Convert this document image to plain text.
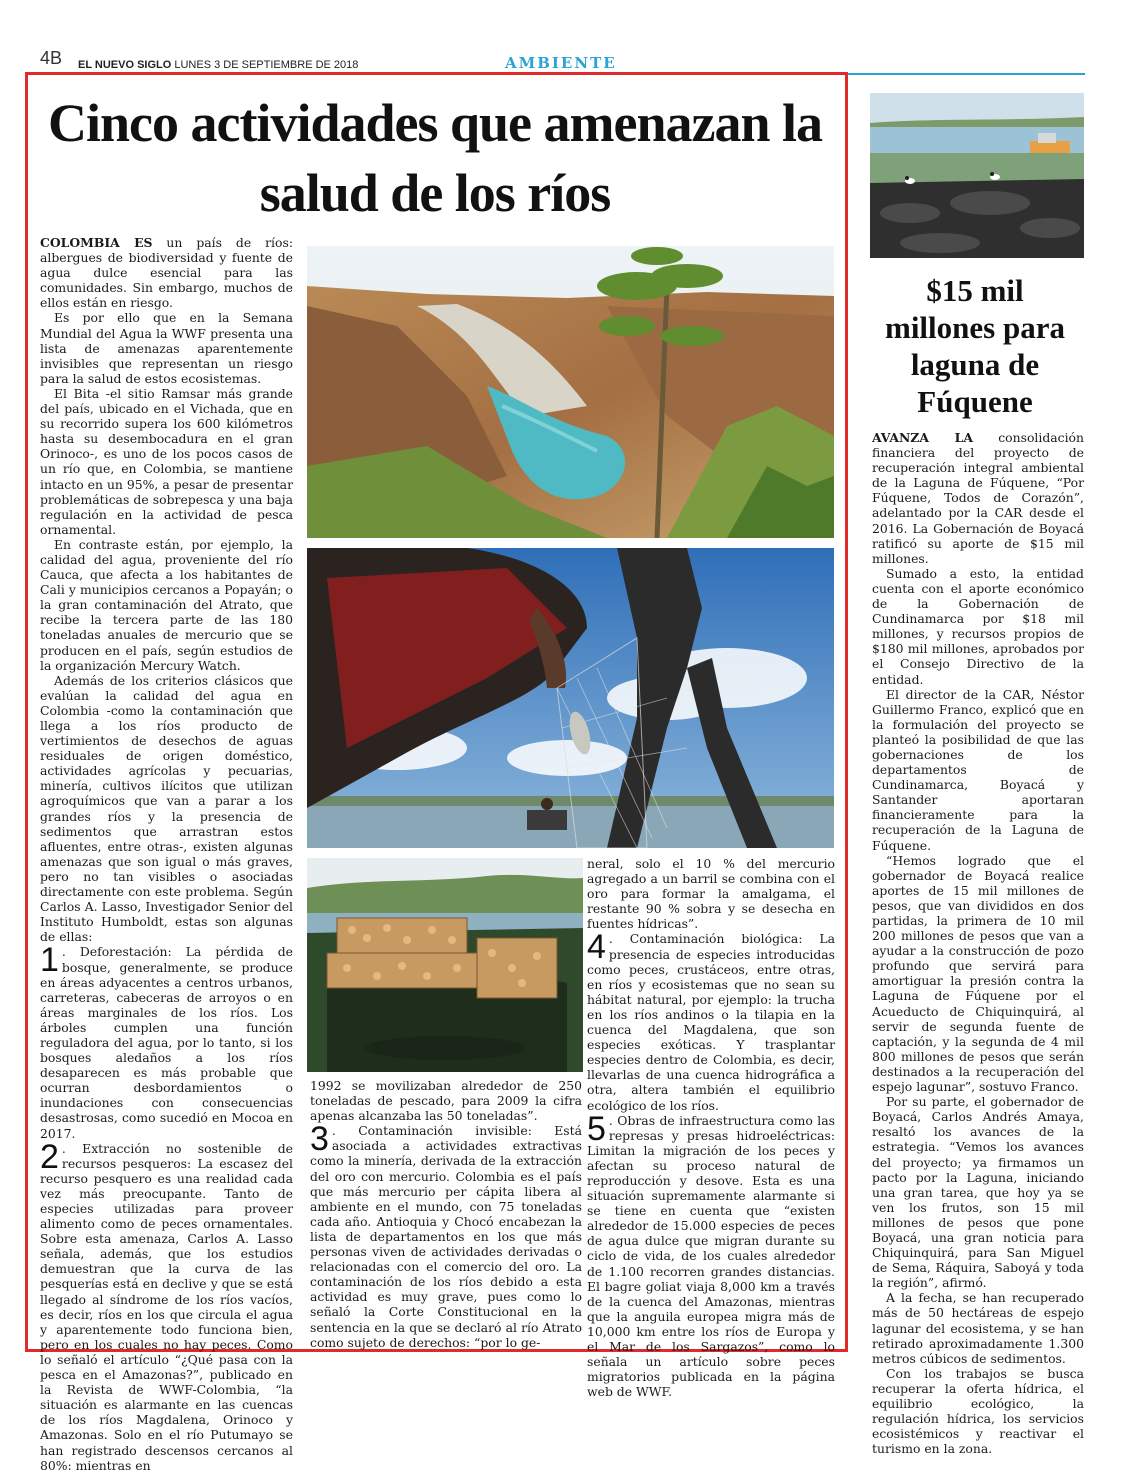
4B EL NUEVO SIGLO LUNES 3 DE SEPTIEMBRE DE 2018	AMBIENTE
Cinco actividades que amenazan la salud de los ríos

COLOMBIA ES un país de ríos: albergues de biodiversidad y fuente de agua dulce esencial para las comunidades. Sin embargo, muchos de ellos están en riesgo.

Es por ello que en la Semana Mundial del Agua la WWF presenta una lista de amenazas aparentemente invisibles que representan un riesgo para la salud de estos ecosistemas.

El Bita -el sitio Ramsar más grande del país, ubicado en el Vichada, que en su recorrido supera los 600 kilómetros hasta su desembocadura en el gran Orinoco-, es uno de los pocos casos de un río que, en Colombia, se mantiene intacto en un 95%, a pesar de presentar problemáticas de sobrepesca y una baja regulación en la actividad de pesca ornamental.

En contraste están, por ejemplo, la calidad del agua, proveniente del río Cauca, que afecta a los habitantes de Cali y municipios cercanos a Popayán; o la gran contaminación del Atrato, que recibe la tercera parte de las 180 toneladas anuales de mercurio que se producen en el país, según estudios de la organización Mercury Watch.

Además de los criterios clásicos que evalúan la calidad del agua en Colombia -como la contaminación que llega a los ríos producto de vertimientos de desechos de aguas residuales de origen doméstico, actividades agrícolas y pecuarias, minería, cultivos ilícitos que utilizan agroquímicos que van a parar a los grandes ríos y la presencia de sedimentos que arrastran estos afluentes, entre otras-, existen algunas amenazas que son igual o más graves, pero no tan visibles o asociadas directamente con este problema. Según Carlos A. Lasso, Investigador Senior del Instituto Humboldt, estas son algunas de ellas:

1 . Deforestación: La pérdida de bosque, generalmente, se produce en áreas adyacentes a centros urbanos, carreteras, cabeceras de arroyos o en áreas marginales de los ríos. Los árboles cumplen una función reguladora del agua, por lo tanto, si los bosques aledaños a los ríos desaparecen es más probable que ocurran desbordamientos o inundaciones con consecuencias desastrosas, como sucedió en Mocoa en 2017.

2 . Extracción no sostenible de recursos pesqueros: La escasez del recurso pesquero es una realidad cada vez más preocupante. Tanto de especies utilizadas para proveer alimento como de peces ornamentales. Sobre esta amenaza, Carlos A. Lasso señala, además, que los estudios demuestran que la curva de las pesquerías está en declive y que se está llegado al síndrome de los ríos vacíos, es decir, ríos en los que circula el agua y aparentemente todo funciona bien, pero en los cuales no hay peces. Como lo señaló el artículo “¿Qué pasa con la pesca en el Amazonas?”, publicado en la Revista de WWF-Colombia, “la situación es alarmante en las cuencas de los ríos Magdalena, Orinoco y Amazonas. Solo en el río Putumayo se han registrado descensos cercanos al 80%: mientras en

1992 se movilizaban alrededor de 250 toneladas de pescado, para 2009 la cifra apenas alcanzaba las 50 toneladas”.

3 . Contaminación invisible: Está asociada a actividades extractivas como la minería, derivada de la extracción del oro con mercurio. Colombia es el país que más mercurio per cápita libera al ambiente en el mundo, con 75 toneladas cada año. Antioquia y Chocó encabezan la lista de departamentos en los que más personas viven de actividades derivadas o relacionadas con el comercio del oro. La contaminación de los ríos debido a esta actividad es muy grave, pues como lo señaló la Corte Constitucional en la sentencia en la que se declaró al río Atrato como sujeto de derechos: “por lo ge-

neral, solo el 10 % del mercurio agregado a un barril se combina con el oro para formar la amalgama, el restante 90 % sobra y se desecha en fuentes hídricas”.

4 . Contaminación biológica: La presencia de especies introducidas como peces, crustáceos, entre otras, en ríos y ecosistemas que no sean su hábitat natural, por ejemplo: la trucha en los ríos andinos o la tilapia en la cuenca del Magdalena, que son especies exóticas. Y trasplantar especies dentro de Colombia, es decir, llevarlas de una cuenca hidrográfica a otra, altera también el equilibrio ecológico de los ríos.

5 . Obras de infraestructura como las represas y presas hidroeléctricas: Limitan la migración de los peces y afectan su proceso natural de reproducción y desove. Esta es una situación supremamente alarmante si se tiene en cuenta que “existen alrededor de 15.000 especies de peces de agua dulce que migran durante su ciclo de vida, de los cuales alrededor de 1.100 recorren grandes distancias. El bagre goliat viaja 8,000 km a través de la cuenca del Amazonas, mientras que la anguila europea migra más de 10,000 km entre los ríos de Europa y el Mar de los Sargazos”, como lo señala un artículo sobre peces migratorios publicada en la página web de WWF.

$15 mil millones para laguna de Fúquene

AVANZA LA consolidación financiera del proyecto de recuperación integral ambiental de la Laguna de Fúquene, “Por Fúquene, Todos de Corazón”, adelantado por la CAR desde el 2016. La Gobernación de Boyacá ratificó su aporte de $15 mil millones.

Sumado a esto, la entidad cuenta con el aporte económico de la Gobernación de Cundinamarca por $18 mil millones, y recursos propios de $180 mil millones, aprobados por el Consejo Directivo de la entidad.

El director de la CAR, Néstor Guillermo Franco, explicó que en la formulación del proyecto se planteó la posibilidad de que las gobernaciones de los departamentos de Cundinamarca, Boyacá y Santander aportaran financieramente para la recuperación de la Laguna de Fúquene.

“Hemos logrado que el gobernador de Boyacá realice aportes de 15 mil millones de pesos, que van divididos en dos partidas, la primera de 10 mil 200 millones de pesos que van a ayudar a la construcción de pozo profundo que servirá para amortiguar la presión contra la Laguna de Fúquene por el Acueducto de Chiquinquirá, al servir de segunda fuente de captación, y la segunda de 4 mil 800 millones de pesos que serán destinados a la recuperación del espejo lagunar”, sostuvo Franco.

Por su parte, el gobernador de Boyacá, Carlos Andrés Amaya, resaltó los avances de la estrategia. “Vemos los avances del proyecto; ya firmamos un pacto por la Laguna, iniciando una gran tarea, que hoy ya se ven los frutos, son 15 mil millones de pesos que pone Boyacá, una gran noticia para Chiquinquirá, para San Miguel de Sema, Ráquira, Saboyá y toda la región”, afirmó.

A la fecha, se han recuperado más de 50 hectáreas de espejo lagunar del ecosistema, y se han retirado aproximadamente 1.300 metros cúbicos de sedimentos.

Con los trabajos se busca recuperar la oferta hídrica, el equilibrio ecológico, la regulación hídrica, los servicios ecosistémicos y reactivar el turismo en la zona.
